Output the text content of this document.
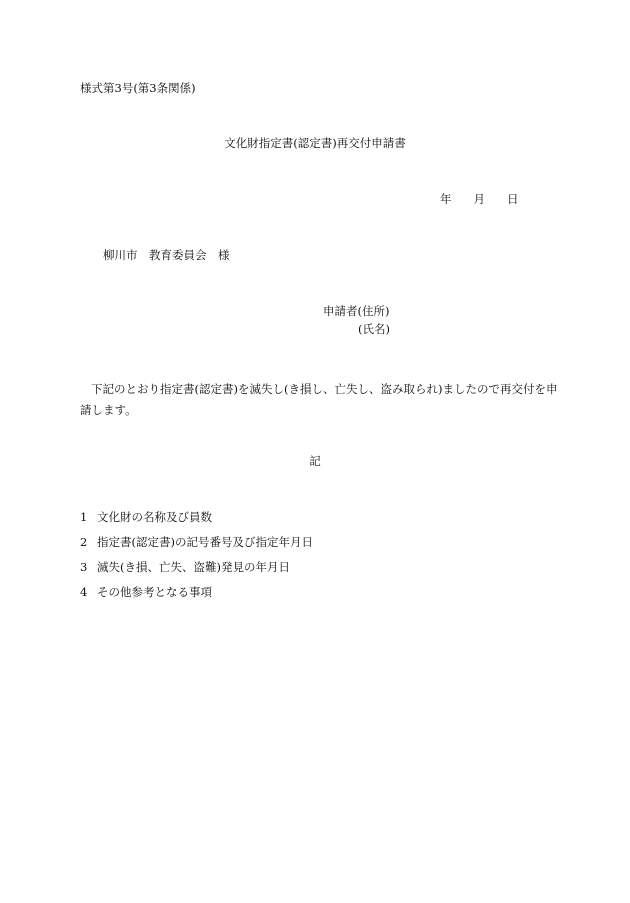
様式第3号(第3条関係)
文化財指定書(認定書)再交付申請書
年 月 日
柳川市　教育委員会　様
申請者(住所)
(氏名)
下記のとおり指定書(認定書)を滅失し(き損し、亡失し、盗み取られ)ましたので再交付を申請します。
記
1 文化財の名称及び員数
2 指定書(認定書)の記号番号及び指定年月日
3 滅失(き損、亡失、盗難)発見の年月日
4 その他参考となる事項
